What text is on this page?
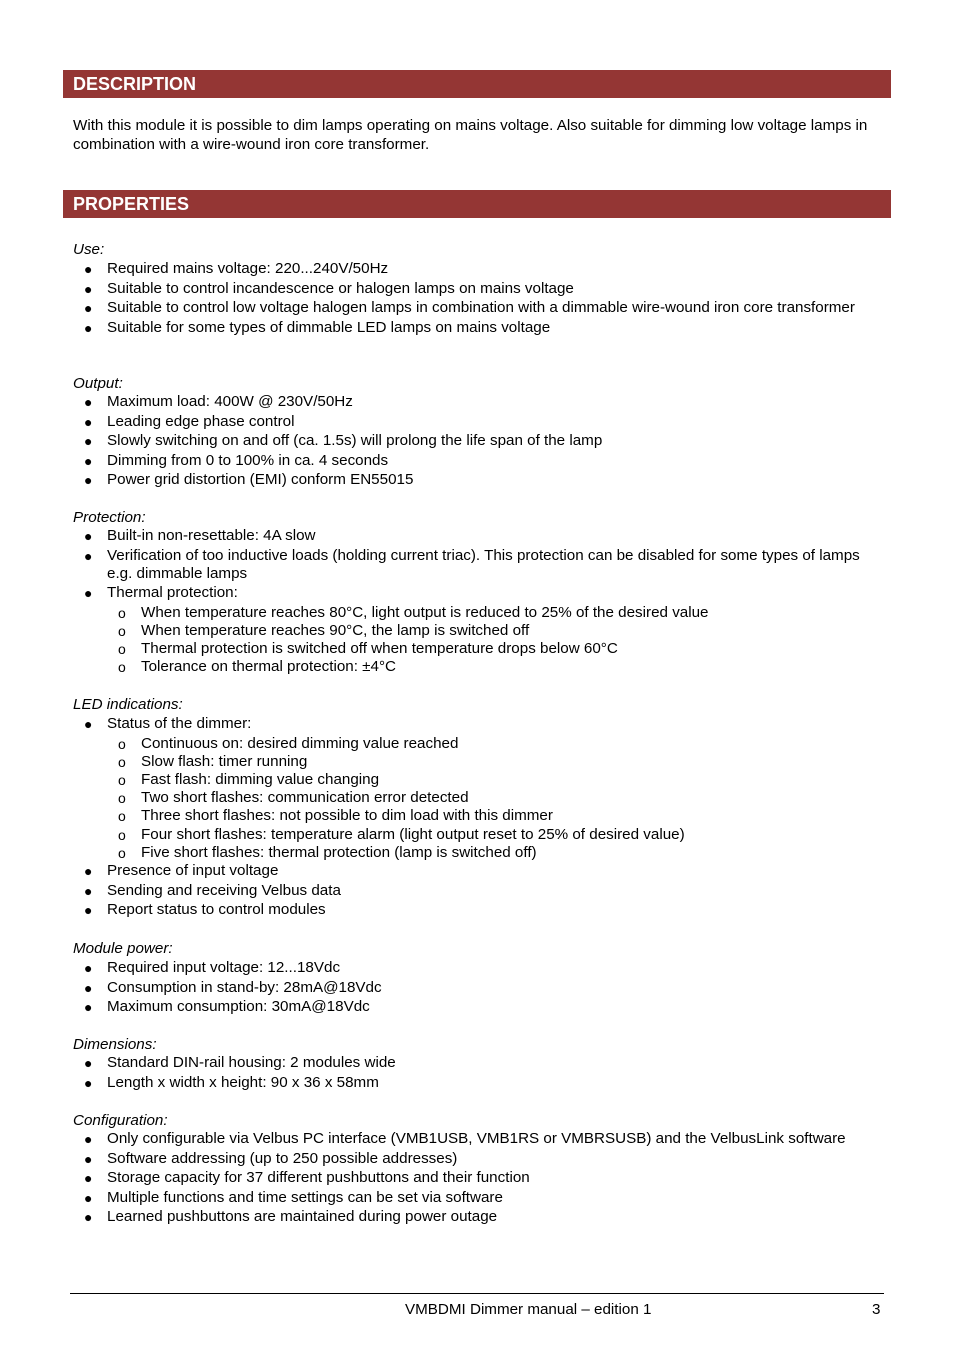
DESCRIPTION
With this module it is possible to dim lamps operating on mains voltage. Also suitable for dimming low voltage lamps in combination with a wire-wound iron core transformer.
PROPERTIES
Use:
● Required mains voltage: 220...240V/50Hz
● Suitable to control incandescence or halogen lamps on mains voltage
● Suitable to control low voltage halogen lamps in combination with a dimmable wire-wound iron core transformer
● Suitable for some types of dimmable LED lamps on mains voltage
Output:
● Maximum load: 400W @ 230V/50Hz
● Leading edge phase control
● Slowly switching on and off (ca. 1.5s) will prolong the life span of the lamp
● Dimming from 0 to 100% in ca. 4 seconds
● Power grid distortion (EMI) conform EN55015
Protection:
● Built-in non-resettable: 4A slow
● Verification of too inductive loads (holding current triac). This protection can be disabled for some types of lamps e.g. dimmable lamps
● Thermal protection:
o When temperature reaches 80°C, light output is reduced to 25% of the desired value
o When temperature reaches 90°C, the lamp is switched off
o Thermal protection is switched off when temperature drops below 60°C
o Tolerance on thermal protection: ±4°C
LED indications:
● Status of the dimmer:
o Continuous on: desired dimming value reached
o Slow flash: timer running
o Fast flash: dimming value changing
o Two short flashes: communication error detected
o Three short flashes: not possible to dim load with this dimmer
o Four short flashes: temperature alarm (light output reset to 25% of desired value)
o Five short flashes: thermal protection (lamp is switched off)
● Presence of input voltage
● Sending and receiving Velbus data
● Report status to control modules
Module power:
● Required input voltage: 12...18Vdc
● Consumption in stand-by: 28mA@18Vdc
● Maximum consumption: 30mA@18Vdc
Dimensions:
● Standard DIN-rail housing: 2 modules wide
● Length x width x height: 90 x 36 x 58mm
Configuration:
● Only configurable via Velbus PC interface (VMB1USB, VMB1RS or VMBRSUSB) and the VelbusLink software
● Software addressing (up to 250 possible addresses)
● Storage capacity for 37 different pushbuttons and their function
● Multiple functions and time settings can be set via software
● Learned pushbuttons are maintained during power outage
VMBDMI Dimmer manual – edition 1	3
